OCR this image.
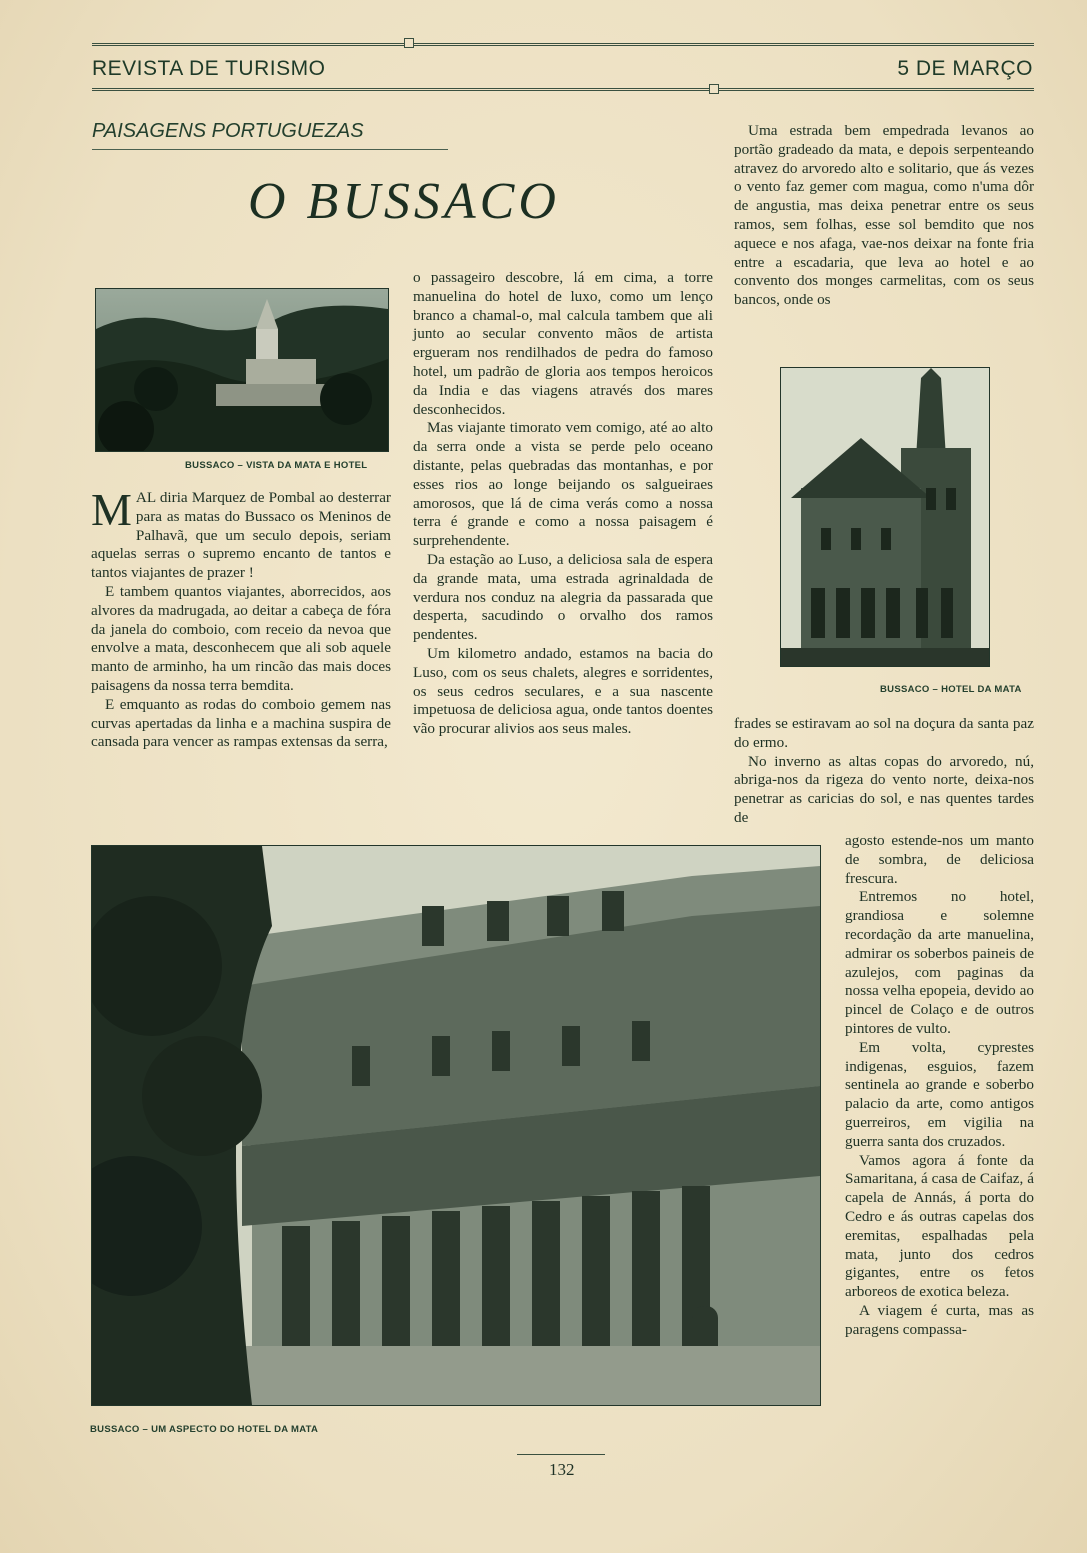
REVISTA DE TURISMO	5 DE MARÇO
PAISAGENS PORTUGUEZAS
O BUSSACO
BUSSACO – VISTA DA MATA E HOTEL

MAL diria Marquez de Pombal ao desterrar para as matas do Bussaco os Meninos de Palhavã, que um seculo depois, seriam aquelas serras o supremo encanto de tantos e tantos viajantes de prazer !

E tambem quantos viajantes, aborrecidos, aos alvores da madrugada, ao deitar a cabeça de fóra da janela do comboio, com receio da nevoa que envolve a mata, desconhecem que ali sob aquele manto de arminho, ha um rincão das mais doces paisagens da nossa terra bemdita.

E emquanto as rodas do comboio gemem nas curvas apertadas da linha e a machina suspira de cansada para vencer as rampas extensas da serra,

o passageiro descobre, lá em cima, a torre manuelina do hotel de luxo, como um lenço branco a chamal-o, mal calcula tambem que ali junto ao secular convento mãos de artista ergueram nos rendilhados de pedra do famoso hotel, um padrão de gloria aos tempos heroicos da India e das viagens através dos mares desconhecidos.

Mas viajante timorato vem comigo, até ao alto da serra onde a vista se perde pelo oceano distante, pelas quebradas das montanhas, e por esses rios ao longe beijando os salgueiraes amorosos, que lá de cima verás como a nossa terra é grande e como a nossa paisagem é surprehendente.

Da estação ao Luso, a deliciosa sala de espera da grande mata, uma estrada agrinaldada de verdura nos conduz na alegria da passarada que desperta, sacudindo o orvalho dos ramos pendentes.

Um kilometro andado, estamos na bacia do Luso, com os seus chalets, alegres e sorridentes, os seus cedros seculares, e a sua nascente impetuosa de deliciosa agua, onde tantos doentes vão procurar alivios aos seus males.

Uma estrada bem empedrada levanos ao portão gradeado da mata, e depois serpenteando atravez do arvoredo alto e solitario, que ás vezes o vento faz gemer com magua, como n'uma dôr de angustia, mas deixa penetrar entre os seus ramos, sem folhas, esse sol bemdito que nos aquece e nos afaga, vae-nos deixar na fonte fria entre a escadaria, que leva ao hotel e ao convento dos monges carmelitas, com os seus bancos, onde os

BUSSACO – HOTEL DA MATA

frades se estiravam ao sol na doçura da santa paz do ermo.

No inverno as altas copas do arvoredo, nú, abriga-nos da rigeza do vento norte, deixa-nos penetrar as caricias do sol, e nas quentes tardes de

agosto estende-nos um manto de sombra, de deliciosa frescura.

Entremos no hotel, grandiosa e solemne recordação da arte manuelina, admirar os soberbos paineis de azulejos, com paginas da nossa velha epopeia, devido ao pincel de Colaço e de outros pintores de vulto.

Em volta, cyprestes indigenas, esguios, fazem sentinela ao grande e soberbo palacio da arte, como antigos guerreiros, em vigilia na guerra santa dos cruzados.

Vamos agora á fonte da Samaritana, á casa de Caifaz, á capela de Annás, á porta do Cedro e ás outras capelas dos eremitas, espalhadas pela mata, junto dos cedros gigantes, entre os fetos arboreos de exotica beleza.

A viagem é curta, mas as paragens compassa-

BUSSACO – UM ASPECTO DO HOTEL DA MATA
132
